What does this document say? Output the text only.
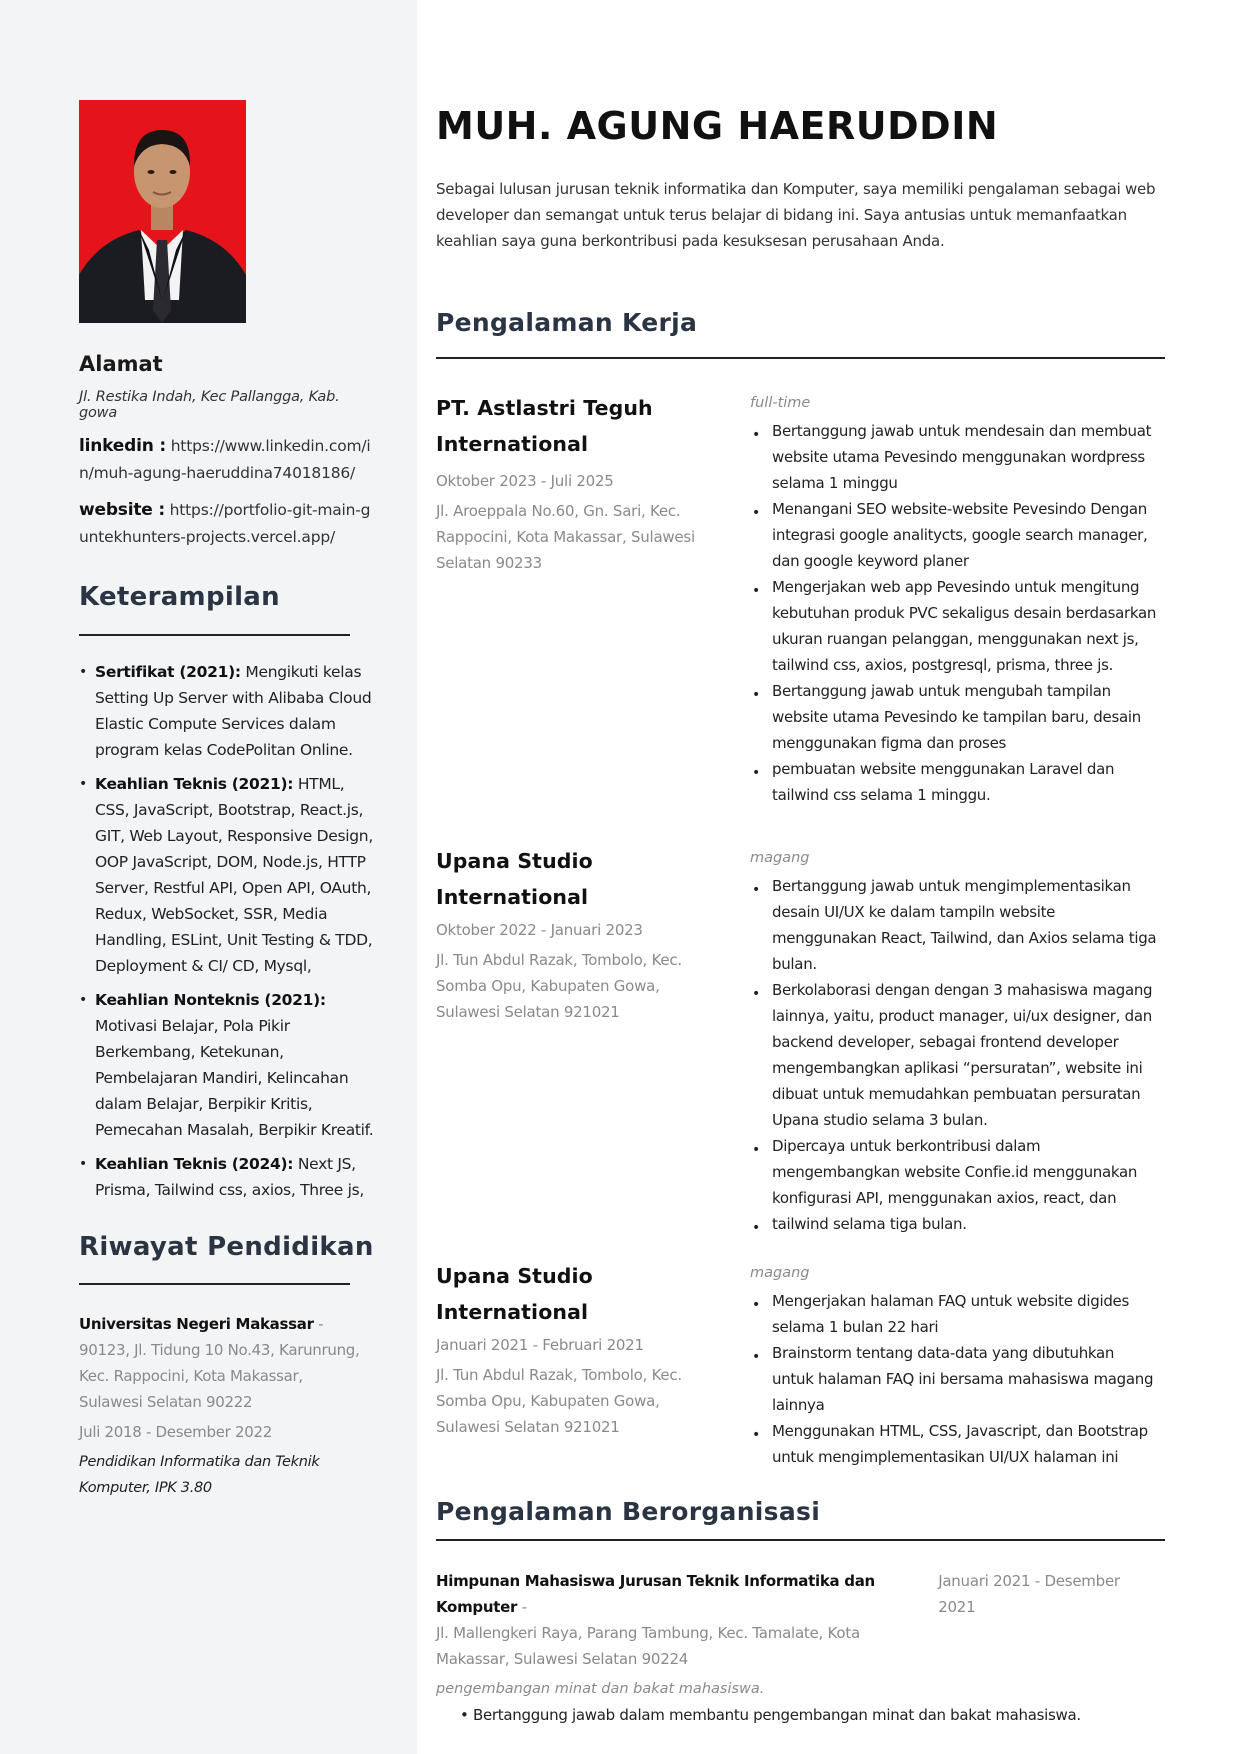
Alamat
Jl. Restika Indah, Kec Pallangga, Kab. gowa
linkedin : https://www.linkedin.com/in/muh-agung-haeruddina74018186/
website : https://portfolio-git-main-guntekhunters-projects.vercel.app/
Keterampilan
• Sertifikat (2021): Mengikuti kelas Setting Up Server with Alibaba Cloud Elastic Compute Services dalam program kelas CodePolitan Online.
• Keahlian Teknis (2021): HTML, CSS, JavaScript, Bootstrap, React.js, GIT, Web Layout, Responsive Design, OOP JavaScript, DOM, Node.js, HTTP Server, Restful API, Open API, OAuth, Redux, WebSocket, SSR, Media Handling, ESLint, Unit Testing & TDD, Deployment & CI/ CD, Mysql,
• Keahlian Nonteknis (2021): Motivasi Belajar, Pola Pikir Berkembang, Ketekunan, Pembelajaran Mandiri, Kelincahan dalam Belajar, Berpikir Kritis, Pemecahan Masalah, Berpikir Kreatif.
• Keahlian Teknis (2024): Next JS, Prisma, Tailwind css, axios, Three js,
Riwayat Pendidikan
Universitas Negeri Makassar - 90123, Jl. Tidung 10 No.43, Karunrung, Kec. Rappocini, Kota Makassar, Sulawesi Selatan 90222
Juli 2018 - Desember 2022
Pendidikan Informatika dan Teknik Komputer, IPK 3.80
MUH. AGUNG HAERUDDIN
Sebagai lulusan jurusan teknik informatika dan Komputer, saya memiliki pengalaman sebagai web developer dan semangat untuk terus belajar di bidang ini. Saya antusias untuk memanfaatkan keahlian saya guna berkontribusi pada kesuksesan perusahaan Anda.
Pengalaman Kerja
PT. Astlastri Teguh International
Oktober 2023 - Juli 2025
Jl. Aroeppala No.60, Gn. Sari, Kec. Rappocini, Kota Makassar, Sulawesi Selatan 90233
full-time
• Bertanggung jawab untuk mendesain dan membuat website utama Pevesindo menggunakan wordpress selama 1 minggu
• Menangani SEO website-website Pevesindo Dengan integrasi google analitycts, google search manager, dan google keyword planer
• Mengerjakan web app Pevesindo untuk mengitung kebutuhan produk PVC sekaligus desain berdasarkan ukuran ruangan pelanggan, menggunakan next js, tailwind css, axios, postgresql, prisma, three js.
• Bertanggung jawab untuk mengubah tampilan website utama Pevesindo ke tampilan baru, desain menggunakan figma dan proses
• pembuatan website menggunakan Laravel dan tailwind css selama 1 minggu.
Upana Studio International
Oktober 2022 - Januari 2023
Jl. Tun Abdul Razak, Tombolo, Kec. Somba Opu, Kabupaten Gowa, Sulawesi Selatan 921021
magang
• Bertanggung jawab untuk mengimplementasikan desain UI/UX ke dalam tampiln website menggunakan React, Tailwind, dan Axios selama tiga bulan.
• Berkolaborasi dengan dengan 3 mahasiswa magang lainnya, yaitu, product manager, ui/ux designer, dan backend developer, sebagai frontend developer mengembangkan aplikasi “persuratan”, website ini dibuat untuk memudahkan pembuatan persuratan Upana studio selama 3 bulan.
• Dipercaya untuk berkontribusi dalam mengembangkan website Confie.id menggunakan konfigurasi API, menggunakan axios, react, dan
• tailwind selama tiga bulan.
Upana Studio International
Januari 2021 - Februari 2021
Jl. Tun Abdul Razak, Tombolo, Kec. Somba Opu, Kabupaten Gowa, Sulawesi Selatan 921021
magang
• Mengerjakan halaman FAQ untuk website digides selama 1 bulan 22 hari
• Brainstorm tentang data-data yang dibutuhkan untuk halaman FAQ ini bersama mahasiswa magang lainnya
• Menggunakan HTML, CSS, Javascript, dan Bootstrap untuk mengimplementasikan UI/UX halaman ini
Pengalaman Berorganisasi
Himpunan Mahasiswa Jurusan Teknik Informatika dan Komputer -
Januari 2021 - Desember 2021
Jl. Mallengkeri Raya, Parang Tambung, Kec. Tamalate, Kota Makassar, Sulawesi Selatan 90224
pengembangan minat dan bakat mahasiswa.
• Bertanggung jawab dalam membantu pengembangan minat dan bakat mahasiswa.
